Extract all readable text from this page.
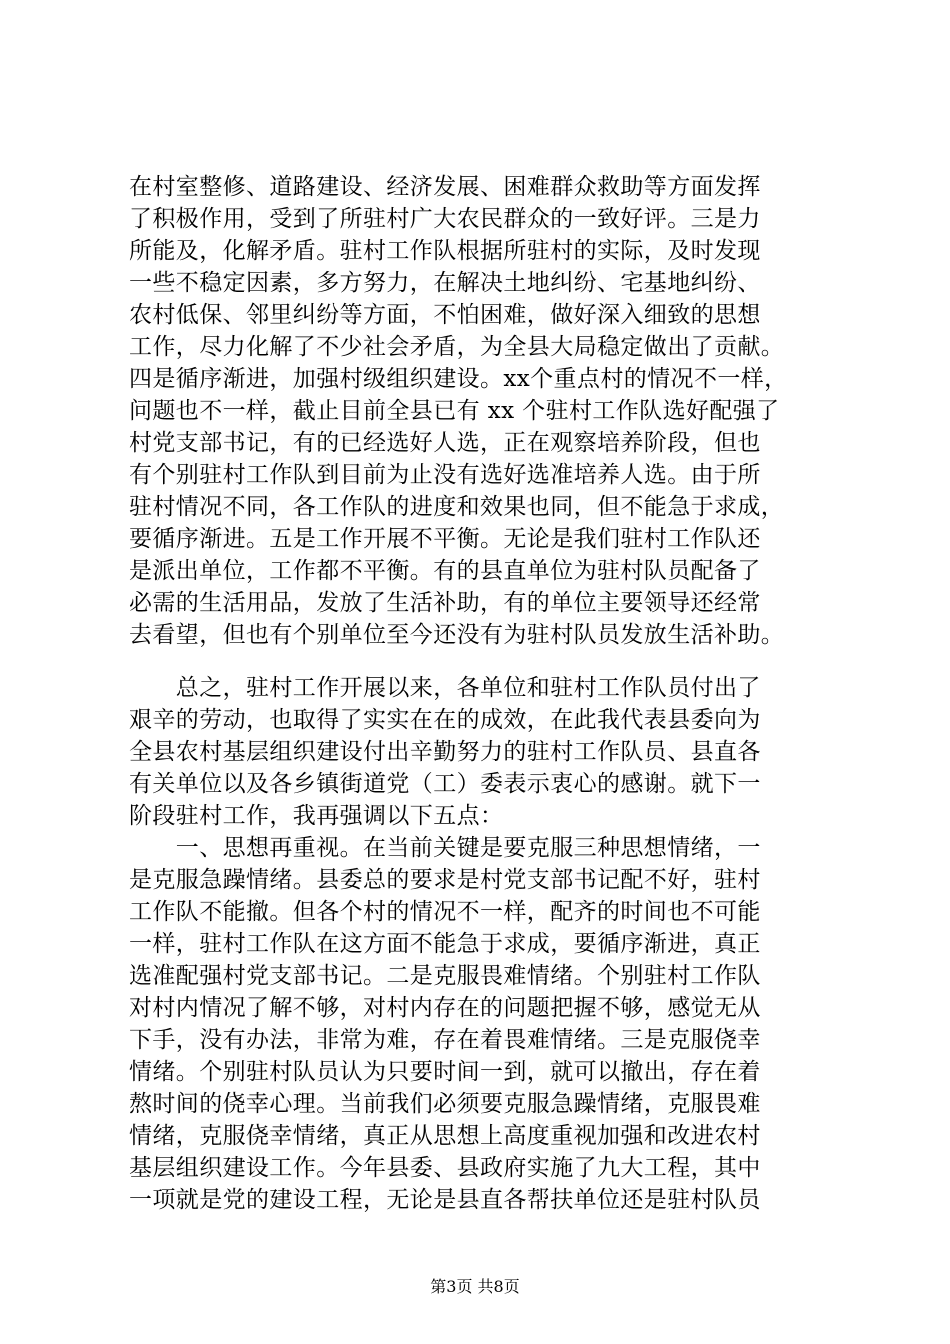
在村室整修、道路建设、经济发展、困难群众救助等方面发挥
了积极作用，受到了所驻村广大农民群众的一致好评。三是力
所能及，化解矛盾。驻村工作队根据所驻村的实际，及时发现
一些不稳定因素，多方努力，在解决土地纠纷、宅基地纠纷、
农村低保、邻里纠纷等方面，不怕困难，做好深入细致的思想
工作，尽力化解了不少社会矛盾，为全县大局稳定做出了贡献。
四是循序渐进，加强村级组织建设。xx个重点村的情况不一样，
问题也不一样，截止目前全县已有 xx 个驻村工作队选好配强了
村党支部书记，有的已经选好人选，正在观察培养阶段，但也
有个别驻村工作队到目前为止没有选好选准培养人选。由于所
驻村情况不同，各工作队的进度和效果也同，但不能急于求成，
要循序渐进。五是工作开展不平衡。无论是我们驻村工作队还
是派出单位，工作都不平衡。有的县直单位为驻村队员配备了
必需的生活用品，发放了生活补助，有的单位主要领导还经常
去看望，但也有个别单位至今还没有为驻村队员发放生活补助。
　　总之，驻村工作开展以来，各单位和驻村工作队员付出了
艰辛的劳动，也取得了实实在在的成效，在此我代表县委向为
全县农村基层组织建设付出辛勤努力的驻村工作队员、县直各
有关单位以及各乡镇街道党（工）委表示衷心的感谢。就下一
阶段驻村工作，我再强调以下五点：
　　一、思想再重视。在当前关键是要克服三种思想情绪，一
是克服急躁情绪。县委总的要求是村党支部书记配不好，驻村
工作队不能撤。但各个村的情况不一样，配齐的时间也不可能
一样，驻村工作队在这方面不能急于求成，要循序渐进，真正
选准配强村党支部书记。二是克服畏难情绪。个别驻村工作队
对村内情况了解不够，对村内存在的问题把握不够，感觉无从
下手，没有办法，非常为难，存在着畏难情绪。三是克服侥幸
情绪。个别驻村队员认为只要时间一到，就可以撤出，存在着
熬时间的侥幸心理。当前我们必须要克服急躁情绪，克服畏难
情绪，克服侥幸情绪，真正从思想上高度重视加强和改进农村
基层组织建设工作。今年县委、县政府实施了九大工程，其中
一项就是党的建设工程，无论是县直各帮扶单位还是驻村队员
第3页 共8页
